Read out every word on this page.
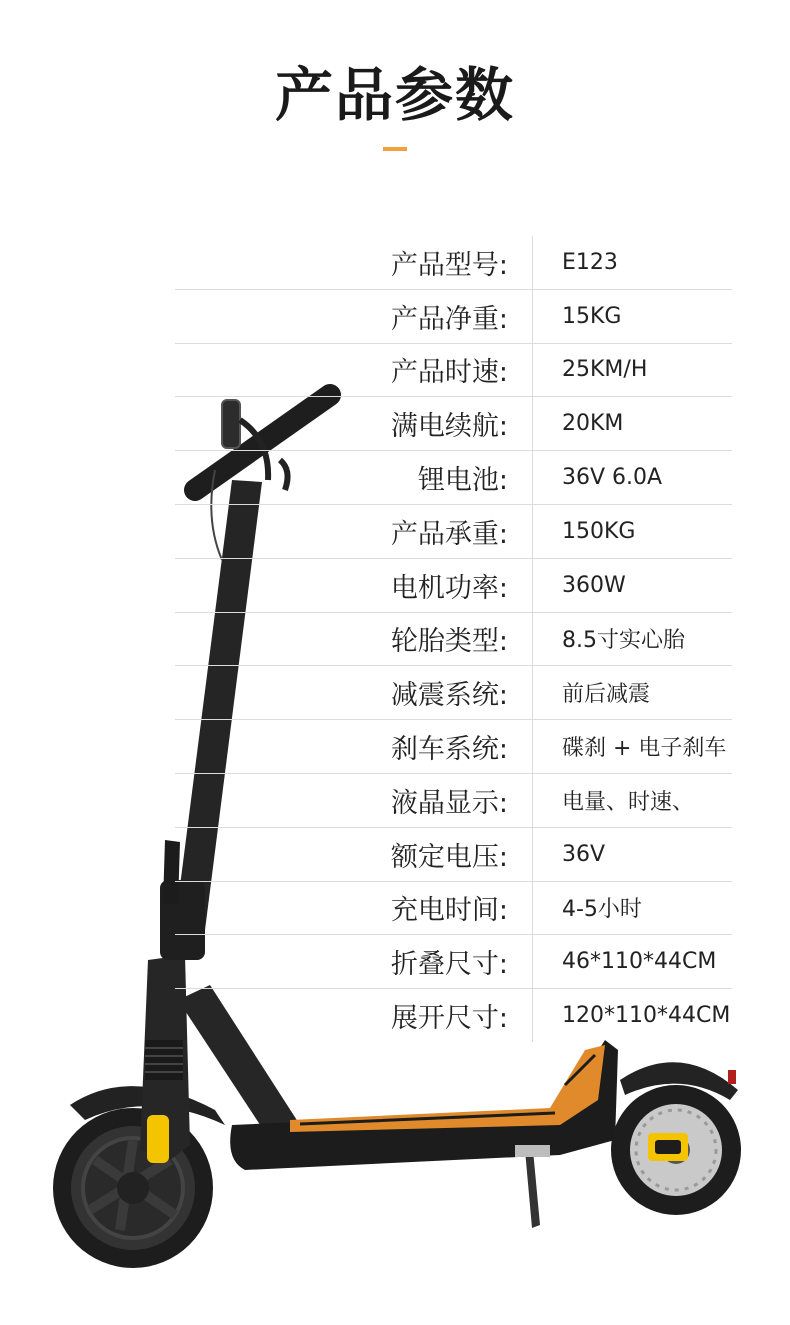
产品参数
产品型号:	E123
产品净重:	15KG
产品时速:	25KM/H
满电续航:	20KM
锂电池:	36V 6.0A
产品承重:	150KG
电机功率:	360W
轮胎类型:	8.5寸实心胎
减震系统:	前后减震
刹车系统:	碟刹 + 电子刹车
液晶显示:	电量、时速、
额定电压:	36V
充电时间:	4-5小时
折叠尺寸:	46*110*44CM
展开尺寸:	120*110*44CM
